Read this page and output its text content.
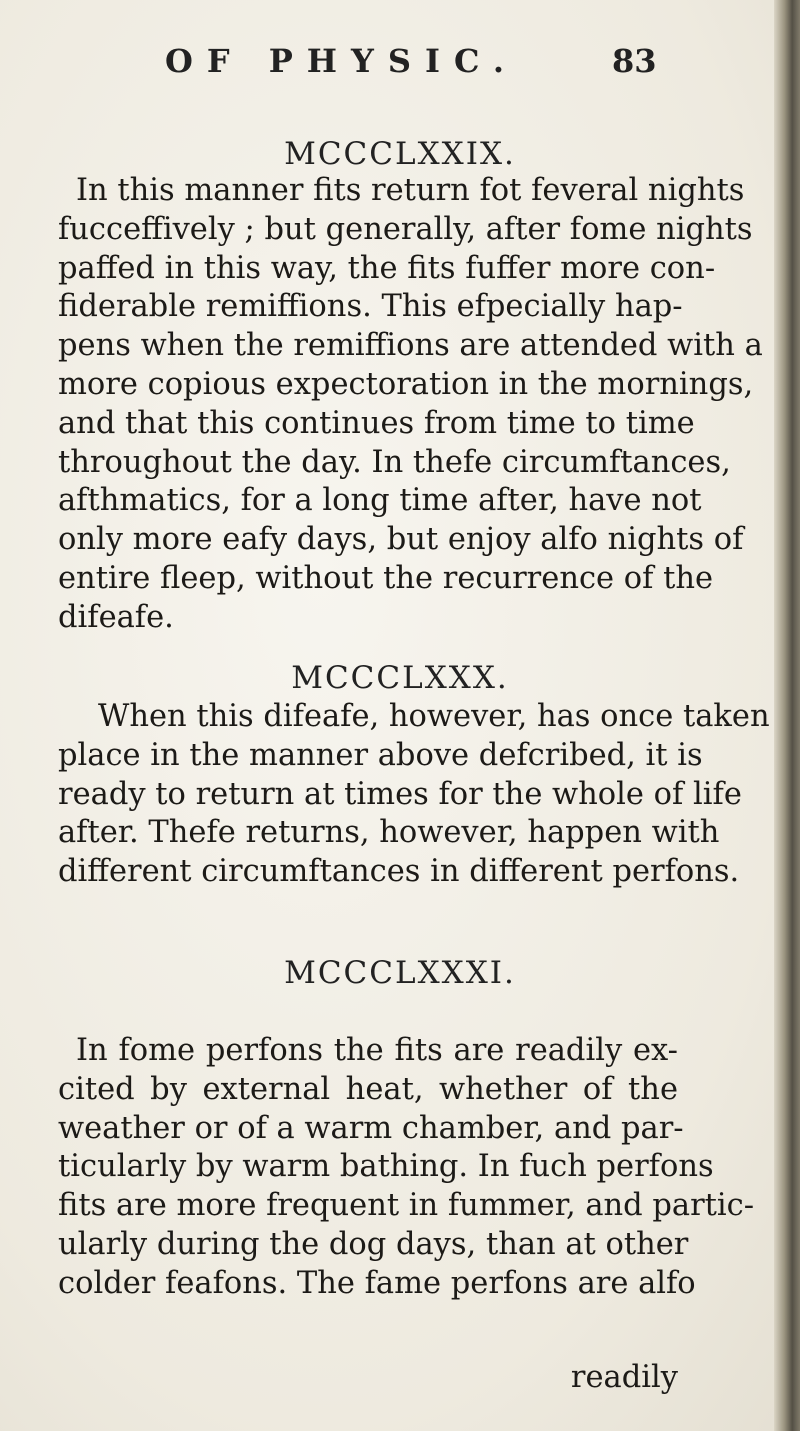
OF PHYSIC.	83
MCCCLXXIX.
In this manner fits return fot feveral nights
fucceffively ; but generally, after fome nights
paffed in this way, the fits fuffer more con-
fiderable remiffions. This efpecially hap-
pens when the remiffions are attended with a
more copious expectoration in the mornings,
and that this continues from time to time
throughout the day. In thefe circumftances,
afthmatics, for a long time after, have not
only more eafy days, but enjoy alfo nights of
entire fleep, without the recurrence of the
difeafe.
MCCCLXXX.
When this difeafe, however, has once taken
place in the manner above defcribed, it is
ready to return at times for the whole of life
after. Thefe returns, however, happen with
different circumftances in different perfons.
MCCCLXXXI.
In fome perfons the fits are readily ex-
cited by external heat, whether of the
weather or of a warm chamber, and par-
ticularly by warm bathing. In fuch perfons
fits are more frequent in fummer, and partic-
ularly during the dog days, than at other
colder feafons. The fame perfons are alfo
readily
